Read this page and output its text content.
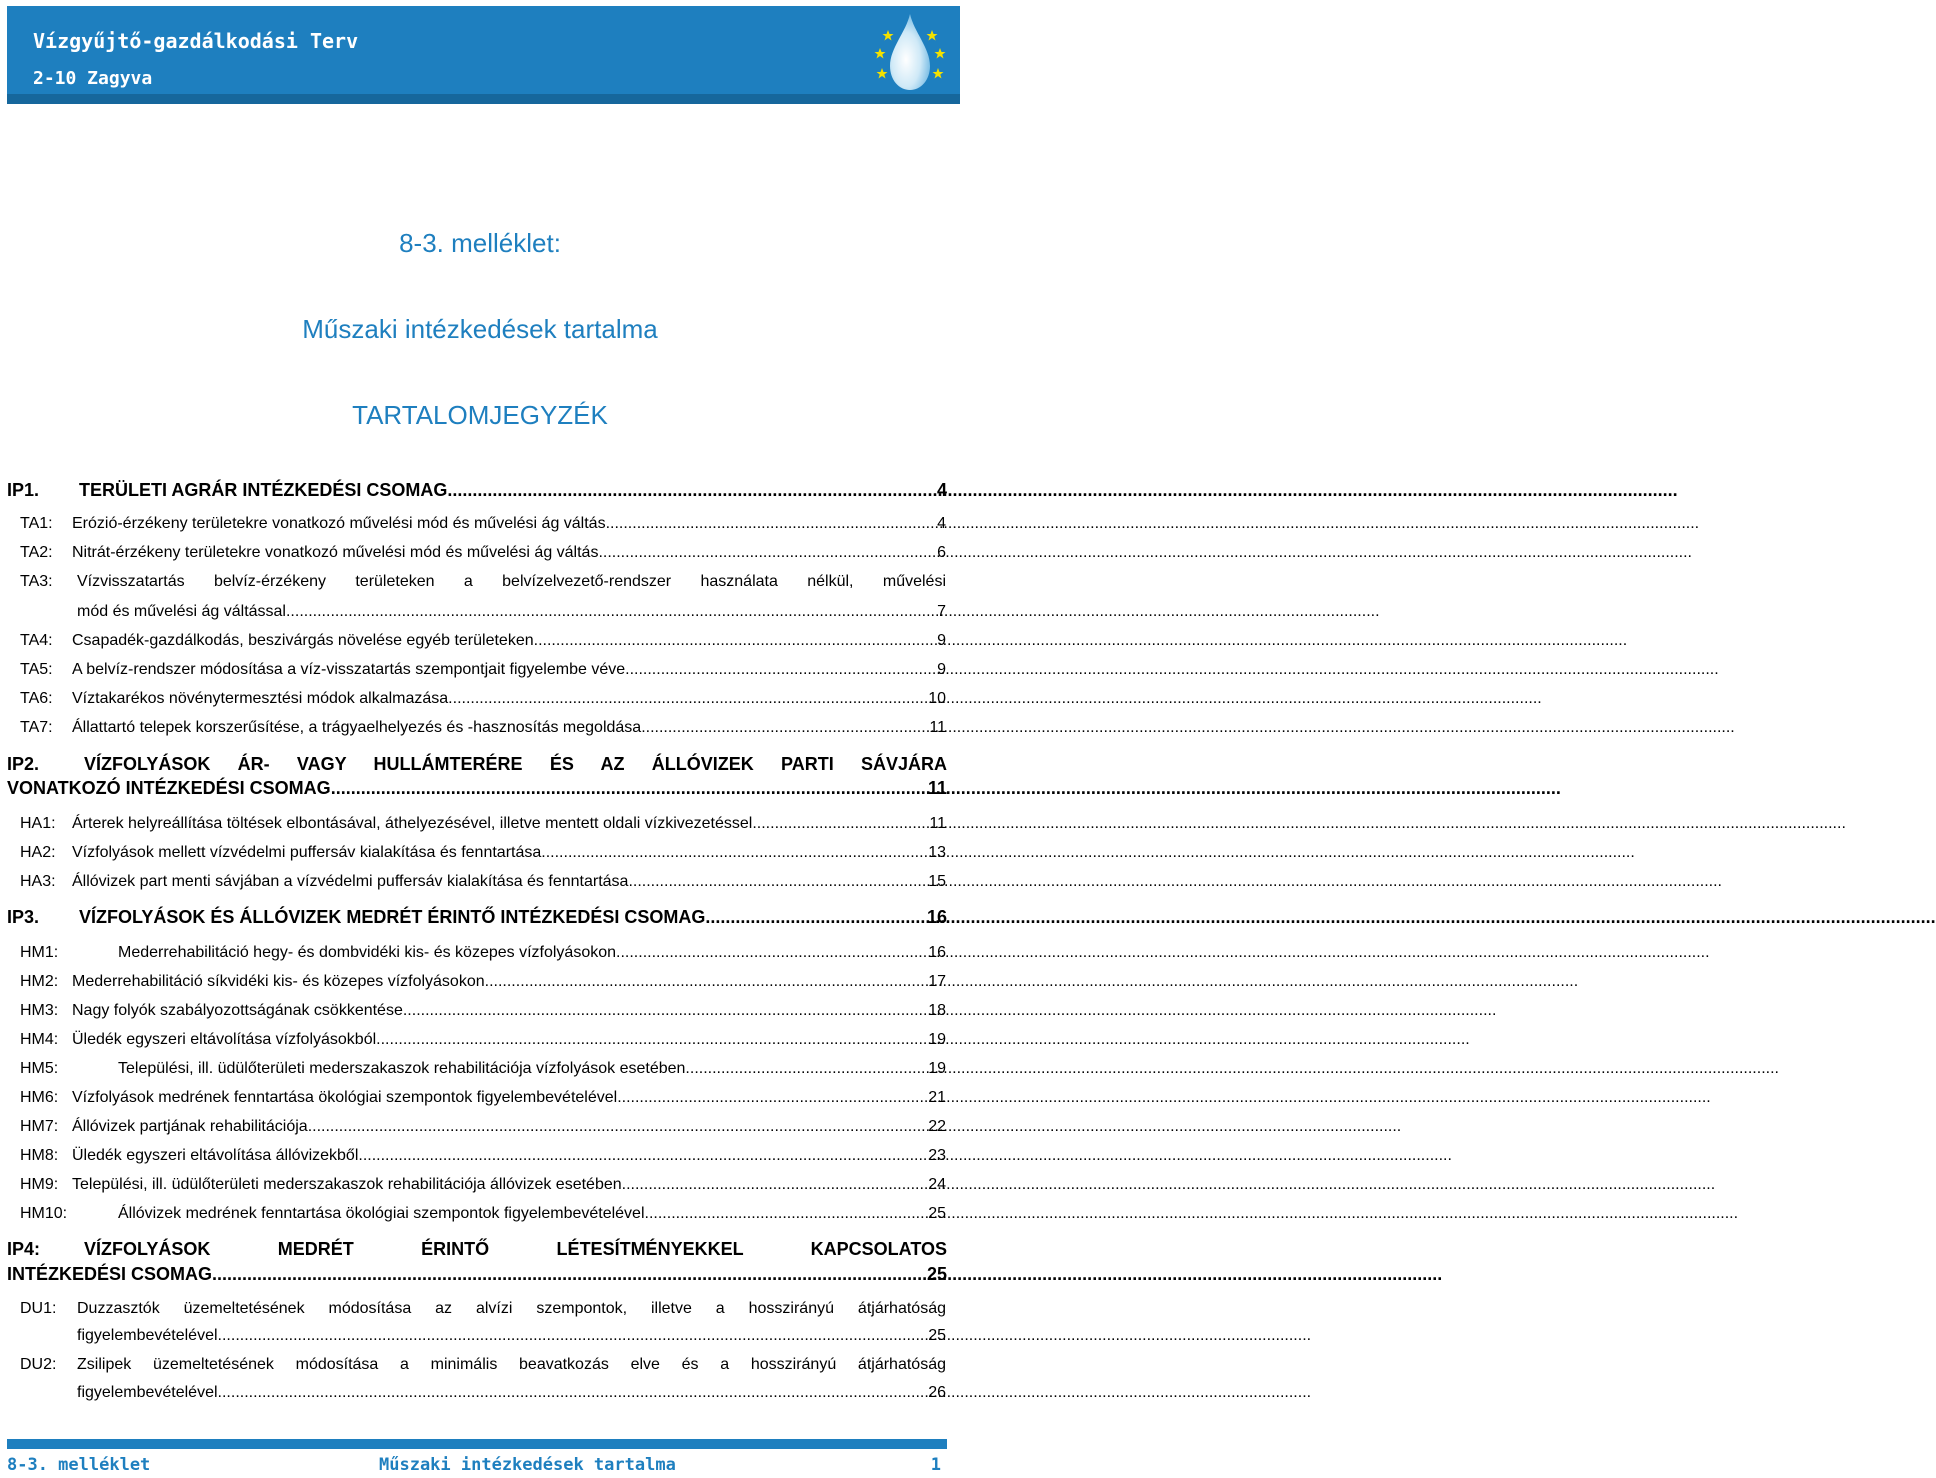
Vízgyűjtő-gazdálkodási Terv
2-10 Zagyva
8-3. melléklet:
Műszaki intézkedések tartalma
TARTALOMJEGYZÉK
IP1.	TERÜLETI AGRÁR INTÉZKEDÉSI CSOMAG .....	4
TA1:	Erózió-érzékeny területekre vonatkozó művelési mód és művelési ág váltás .....	4
TA2:	Nitrát-érzékeny területekre vonatkozó művelési mód és művelési ág váltás .....	6
TA3:	Vízvisszatartás belvíz-érzékeny területeken a belvízelvezető-rendszer használata nélkül, művelési
mód és művelési ág váltással .....	7
TA4:	Csapadék-gazdálkodás, beszivárgás növelése egyéb területeken .....	9
TA5:	A belvíz-rendszer módosítása a víz-visszatartás szempontjait figyelembe véve .....	9
TA6:	Víztakarékos növénytermesztési módok alkalmazása .....	10
TA7:	Állattartó telepek korszerűsítése, a trágyaelhelyezés és -hasznosítás megoldása .....	11
IP2.	VÍZFOLYÁSOK ÁR- VAGY HULLÁMTERÉRE ÉS AZ ÁLLÓVIZEK PARTI SÁVJÁRA
VONATKOZÓ INTÉZKEDÉSI CSOMAG .....	11
HA1:	Árterek helyreállítása töltések elbontásával, áthelyezésével, illetve mentett oldali vízkivezetéssel .....	11
HA2:	Vízfolyások mellett vízvédelmi puffersáv kialakítása és fenntartása .....	13
HA3:	Állóvizek part menti sávjában a vízvédelmi puffersáv kialakítása és fenntartása .....	15
IP3.	VÍZFOLYÁSOK ÉS ÁLLÓVIZEK MEDRÉT ÉRINTŐ INTÉZKEDÉSI CSOMAG .....	16
HM1:	Mederrehabilitáció hegy- és dombvidéki kis- és közepes vízfolyásokon .....	16
HM2: Mederrehabilitáció síkvidéki kis- és közepes vízfolyásokon .....	17
HM3: Nagy folyók szabályozottságának csökkentése .....	18
HM4: Üledék egyszeri eltávolítása vízfolyásokból .....	19
HM5:	Települési, ill. üdülőterületi mederszakaszok rehabilitációja vízfolyások esetében .....	19
HM6: Vízfolyások medrének fenntartása ökológiai szempontok figyelembevételével .....	21
HM7: Állóvizek partjának rehabilitációja .....	22
HM8: Üledék egyszeri eltávolítása állóvizekből .....	23
HM9: Települési, ill. üdülőterületi mederszakaszok rehabilitációja állóvizek esetében .....	24
HM10:	Állóvizek medrének fenntartása ökológiai szempontok figyelembevételével .....	25
IP4:	VÍZFOLYÁSOK MEDRÉT ÉRINTŐ LÉTESÍTMÉNYEKKEL KAPCSOLATOS
INTÉZKEDÉSI CSOMAG .....	25
DU1:	Duzzasztók üzemeltetésének módosítása az alvízi szempontok, illetve a hosszirányú átjárhatóság
figyelembevételével .....	25
DU2:	Zsilipek üzemeltetésének módosítása a minimális beavatkozás elve és a hosszirányú átjárhatóság
figyelembevételével .....	26
8-3. melléklet	Műszaki intézkedések tartalma	1
